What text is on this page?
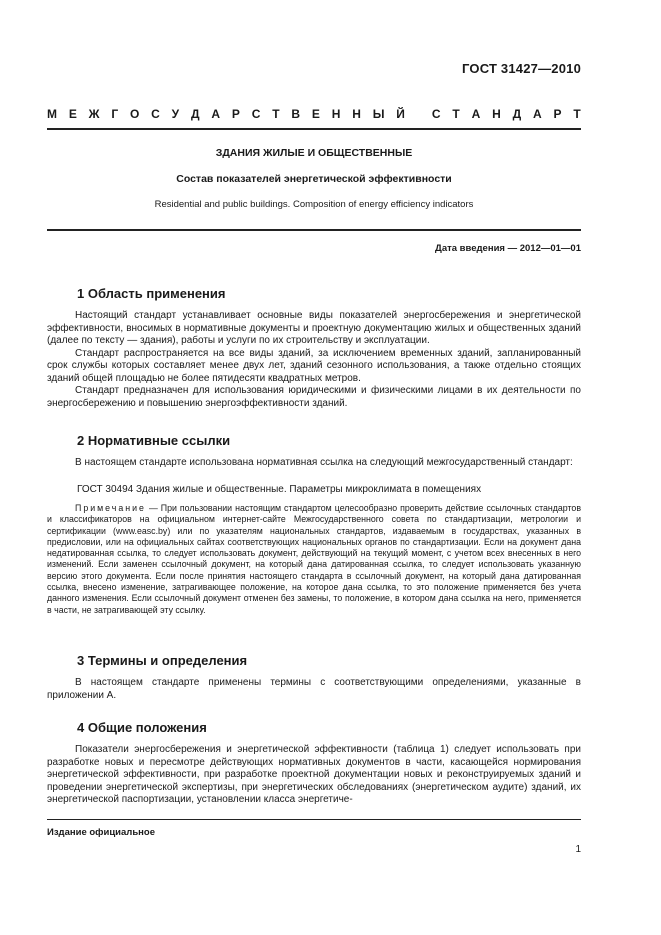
ГОСТ 31427—2010
М Е Ж Г О С У Д А Р С Т В Е Н Н Ы Й
С Т А Н Д А Р Т
ЗДАНИЯ ЖИЛЫЕ И ОБЩЕСТВЕННЫЕ
Состав показателей энергетической эффективности
Residential and public buildings. Composition of energy efficiency indicators
Дата введения — 2012—01—01
1 Область применения

Настоящий стандарт устанавливает основные виды показателей энергосбережения и энергетической эффективности, вносимых в нормативные документы и проектную документацию жилых и общественных зданий (далее по тексту — здания), работы и услуги по их строительству и эксплуатации.

Стандарт распространяется на все виды зданий, за исключением временных зданий, запланированный срок службы которых составляет менее двух лет, зданий сезонного использования, а также отдельно стоящих зданий общей площадью не более пятидесяти квадратных метров.

Стандарт предназначен для использования юридическими и физическими лицами в их деятельности по энергосбережению и повышению энергоэффективности зданий.

2 Нормативные ссылки

В настоящем стандарте использована нормативная ссылка на следующий межгосударственный стандарт:

ГОСТ 30494 Здания жилые и общественные. Параметры микроклимата в помещениях
Примечание — При пользовании настоящим стандартом целесообразно проверить действие ссылочных стандартов и классификаторов на официальном интернет-сайте Межгосударственного совета по стандартизации, метрологии и сертификации (www.easc.by) или по указателям национальных стандартов, издаваемым в государствах, указанных в предисловии, или на официальных сайтах соответствующих национальных органов по стандартизации. Если на документ дана недатированная ссылка, то следует использовать документ, действующий на текущий момент, с учетом всех внесенных в него изменений. Если заменен ссылочный документ, на который дана датированная ссылка, то следует использовать указанную версию этого документа. Если после принятия настоящего стандарта в ссылочный документ, на который дана датированная ссылка, внесено изменение, затрагивающее положение, на которое дана ссылка, то это положение применяется без учета данного изменения. Если ссылочный документ отменен без замены, то положение, в котором дана ссылка на него, применяется в части, не затрагивающей эту ссылку.
3 Термины и определения

В настоящем стандарте применены термины с соответствующими определениями, указанные в приложении А.

4 Общие положения

Показатели энергосбережения и энергетической эффективности (таблица 1) следует использовать при разработке новых и пересмотре действующих нормативных документов в части, касающейся нормирования энергетической эффективности, при разработке проектной документации новых и реконструируемых зданий и проведении энергетической экспертизы, при энергетических обследованиях (энергетическом аудите) зданий, их энергетической паспортизации, установлении класса энергетиче-

Издание официальное
1
